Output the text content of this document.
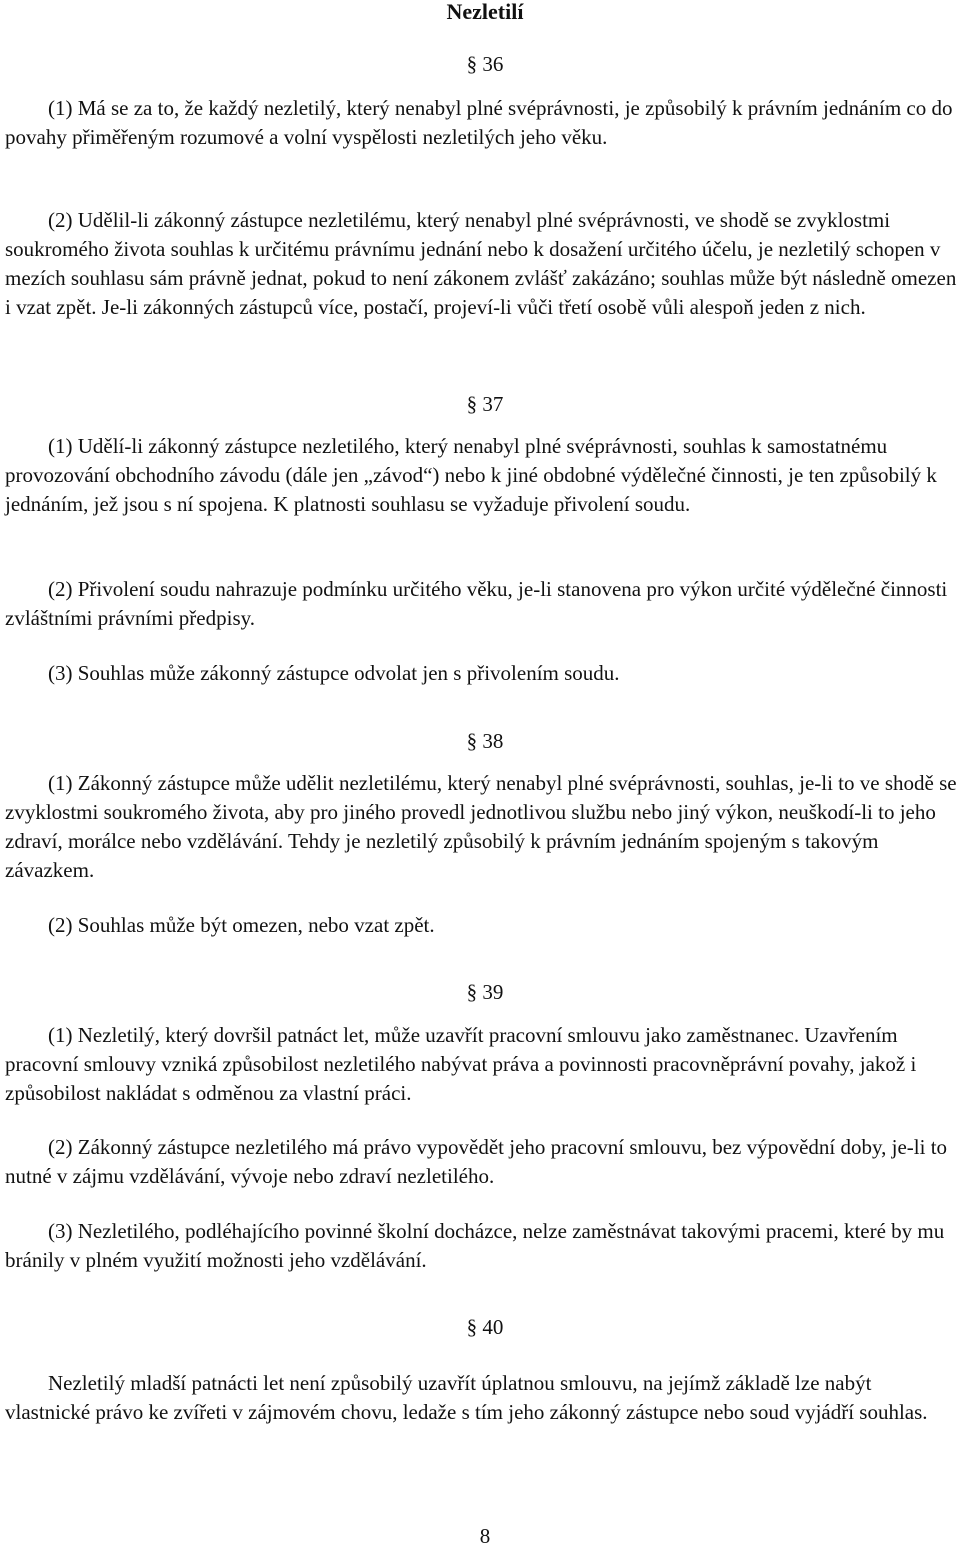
Nezletilí
§ 36

(1) Má se za to, že každý nezletilý, který nenabyl plné svéprávnosti, je způsobilý k právním jednáním co do povahy přiměřeným rozumové a volní vyspělosti nezletilých jeho věku.

(2) Udělil-li zákonný zástupce nezletilému, který nenabyl plné svéprávnosti, ve shodě se zvyklostmi soukromého života souhlas k určitému právnímu jednání nebo k dosažení určitého účelu, je nezletilý schopen v mezích souhlasu sám právně jednat, pokud to není zákonem zvlášť zakázáno; souhlas může být následně omezen i vzat zpět. Je-li zákonných zástupců více, postačí, projeví-li vůči třetí osobě vůli alespoň jeden z nich.

§ 37

(1) Udělí-li zákonný zástupce nezletilého, který nenabyl plné svéprávnosti, souhlas k samostatnému provozování obchodního závodu (dále jen „závod“) nebo k jiné obdobné výdělečné činnosti, je ten způsobilý k jednáním, jež jsou s ní spojena. K platnosti souhlasu se vyžaduje přivolení soudu.

(2) Přivolení soudu nahrazuje podmínku určitého věku, je-li stanovena pro výkon určité výdělečné činnosti zvláštními právními předpisy.

(3) Souhlas může zákonný zástupce odvolat jen s přivolením soudu.

§ 38

(1) Zákonný zástupce může udělit nezletilému, který nenabyl plné svéprávnosti, souhlas, je-li to ve shodě se zvyklostmi soukromého života, aby pro jiného provedl jednotlivou službu nebo jiný výkon, neuškodí-li to jeho zdraví, morálce nebo vzdělávání. Tehdy je nezletilý způsobilý k právním jednáním spojeným s takovým závazkem.

(2) Souhlas může být omezen, nebo vzat zpět.

§ 39

(1) Nezletilý, který dovršil patnáct let, může uzavřít pracovní smlouvu jako zaměstnanec. Uzavřením pracovní smlouvy vzniká způsobilost nezletilého nabývat práva a povinnosti pracovněprávní povahy, jakož i způsobilost nakládat s odměnou za vlastní práci.

(2) Zákonný zástupce nezletilého má právo vypovědět jeho pracovní smlouvu, bez výpovědní doby, je-li to nutné v zájmu vzdělávání, vývoje nebo zdraví nezletilého.

(3) Nezletilého, podléhajícího povinné školní docházce, nelze zaměstnávat takovými pracemi, které by mu bránily v plném využití možnosti jeho vzdělávání.

§ 40

Nezletilý mladší patnácti let není způsobilý uzavřít úplatnou smlouvu, na jejímž základě lze nabýt vlastnické právo ke zvířeti v zájmovém chovu, ledažе s tím jeho zákonný zástupce nebo soud vyjádří souhlas.

8
